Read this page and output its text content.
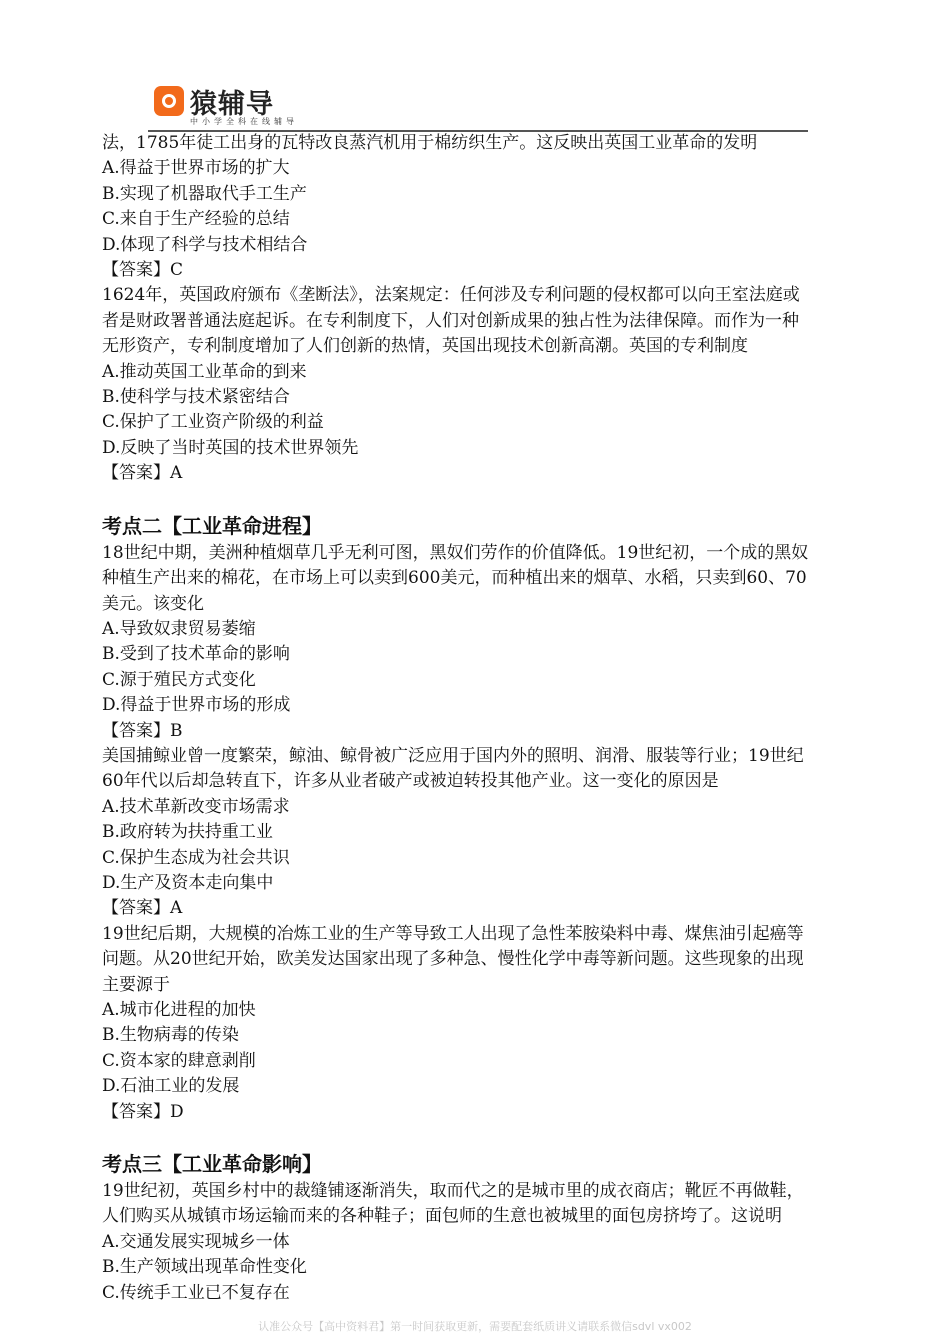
猿辅导
中小学全科在线辅导
法，1785年徒工出身的瓦特改良蒸汽机用于棉纺织生产。这反映出英国工业革命的发明
A.得益于世界市场的扩大
B.实现了机器取代手工生产
C.来自于生产经验的总结
D.体现了科学与技术相结合
【答案】C
1624年，英国政府颁布《垄断法》，法案规定：任何涉及专利问题的侵权都可以向王室法庭或
者是财政署普通法庭起诉。在专利制度下，人们对创新成果的独占性为法律保障。而作为一种
无形资产，专利制度增加了人们创新的热情，英国出现技术创新高潮。英国的专利制度
A.推动英国工业革命的到来
B.使科学与技术紧密结合
C.保护了工业资产阶级的利益
D.反映了当时英国的技术世界领先
【答案】A
考点二【工业革命进程】
18世纪中期，美洲种植烟草几乎无利可图，黑奴们劳作的价值降低。19世纪初，一个成的黑奴
种植生产出来的棉花，在市场上可以卖到600美元，而种植出来的烟草、水稻，只卖到60、70
美元。该变化
A.导致奴隶贸易萎缩
B.受到了技术革命的影响
C.源于殖民方式变化
D.得益于世界市场的形成
【答案】B
美国捕鲸业曾一度繁荣，鲸油、鲸骨被广泛应用于国内外的照明、润滑、服装等行业；19世纪
60年代以后却急转直下，许多从业者破产或被迫转投其他产业。这一变化的原因是
A.技术革新改变市场需求
B.政府转为扶持重工业
C.保护生态成为社会共识
D.生产及资本走向集中
【答案】A
19世纪后期，大规模的冶炼工业的生产等导致工人出现了急性苯胺染料中毒、煤焦油引起癌等
问题。从20世纪开始，欧美发达国家出现了多种急、慢性化学中毒等新问题。这些现象的出现
主要源于
A.城市化进程的加快
B.生物病毒的传染
C.资本家的肆意剥削
D.石油工业的发展
【答案】D
考点三【工业革命影响】
19世纪初，英国乡村中的裁缝铺逐渐消失，取而代之的是城市里的成衣商店；靴匠不再做鞋，
人们购买从城镇市场运输而来的各种鞋子；面包师的生意也被城里的面包房挤垮了。这说明
A.交通发展实现城乡一体
B.生产领域出现革命性变化
C.传统手工业已不复存在
认准公众号【高中资料君】第一时间获取更新，需要配套纸质讲义请联系微信sdvl vx002
